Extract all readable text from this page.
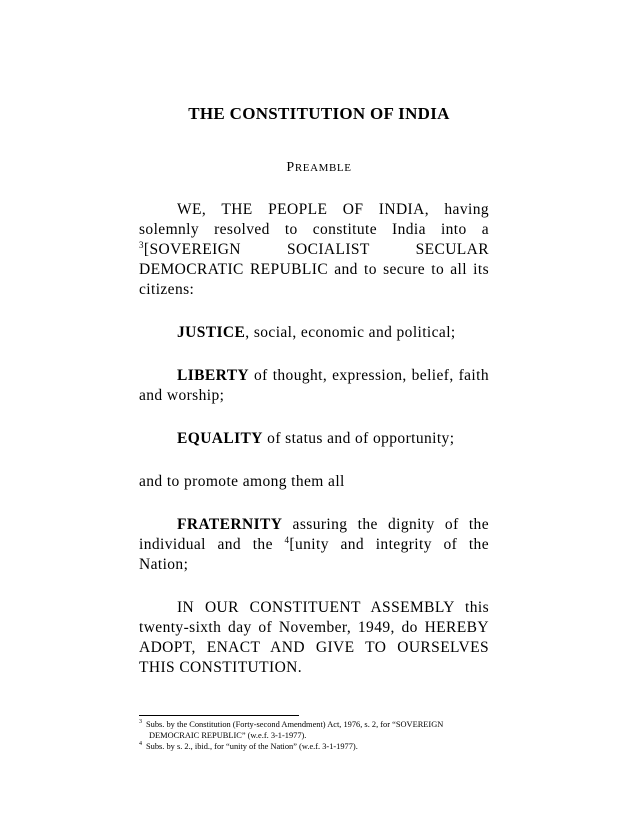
THE CONSTITUTION OF INDIA
PREAMBLE

WE, THE PEOPLE OF INDIA, having solemnly resolved to constitute India into a $^3$[SOVEREIGN SOCIALIST SECULAR DEMOCRATIC REPUBLIC and to secure to all its citizens:

JUSTICE, social, economic and political;

LIBERTY of thought, expression, belief, faith and worship;

EQUALITY of status and of opportunity;

and to promote among them all

FRATERNITY assuring the dignity of the individual and the $^4$[unity and integrity of the Nation;

IN OUR CONSTITUENT ASSEMBLY this twenty-sixth day of November, 1949, do HEREBY ADOPT, ENACT AND GIVE TO OURSELVES THIS CONSTITUTION.

$^3$ Subs. by the Constitution (Forty-second Amendment) Act, 1976, s. 2, for “SOVEREIGN

DEMOCRAIC REPUBLIC” (w.e.f. 3-1-1977).

$^4$ Subs. by s. 2., ibid., for “unity of the Nation” (w.e.f. 3-1-1977).
